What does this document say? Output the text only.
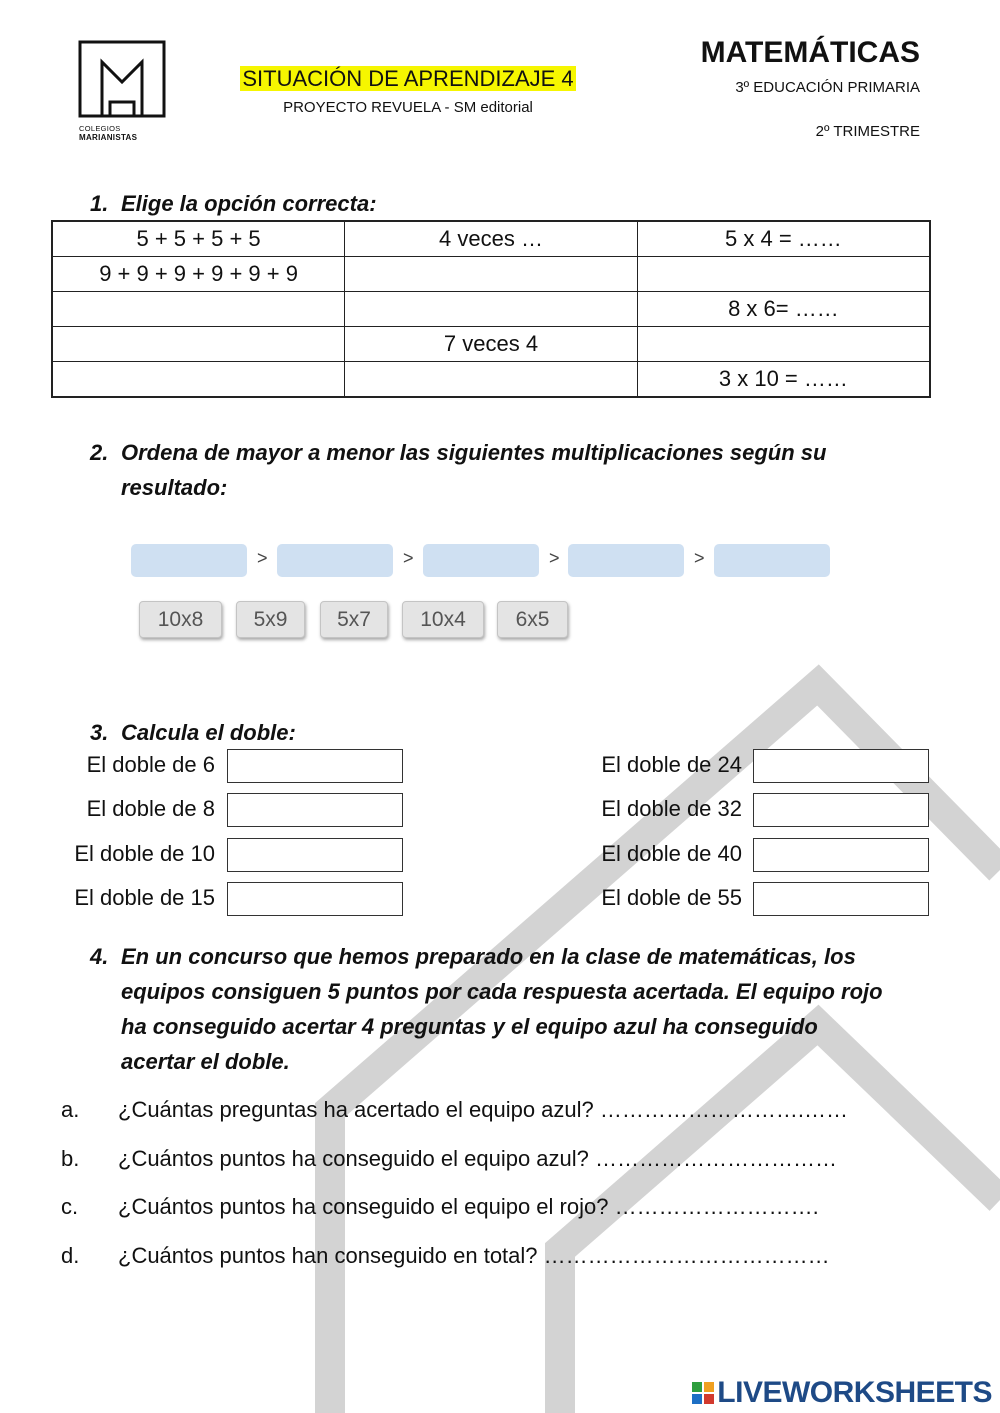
COLEGIOS
MARIANISTAS
SITUACIÓN DE APRENDIZAJE 4
PROYECTO REVUELA - SM editorial
MATEMÁTICAS
3º EDUCACIÓN PRIMARIA
2º TRIMESTRE
1. Elige la opción correcta:
5 + 5 + 5 + 5	4 veces …	5 x 4 = ……
9 + 9 + 9 + 9 + 9 + 9		
		8 x 6= ……
	7 veces 4	
		3 x 10 = ……
2. Ordena de mayor a menor las siguientes multiplicaciones según su
resultado:
>	>	>	>
10x8	5x9	5x7	10x4	6x5
3. Calcula el doble:
El doble de 6
El doble de 8
El doble de 10
El doble de 15
El doble de 24
El doble de 32
El doble de 40
El doble de 55
4. En un concurso que hemos preparado en la clase de matemáticas, los
equipos consiguen 5 puntos por cada respuesta acertada. El equipo rojo
ha conseguido acertar 4 preguntas y el equipo azul ha conseguido
acertar el doble.
a. ¿Cuántas preguntas ha acertado el equipo azul? ……………………….……
b. ¿Cuántos puntos ha conseguido el equipo azul? ……………………………
c. ¿Cuántos puntos ha conseguido el equipo el rojo? ……………………….
d. ¿Cuántos puntos han conseguido en total? …………………………………
LIVEWORKSHEETS
